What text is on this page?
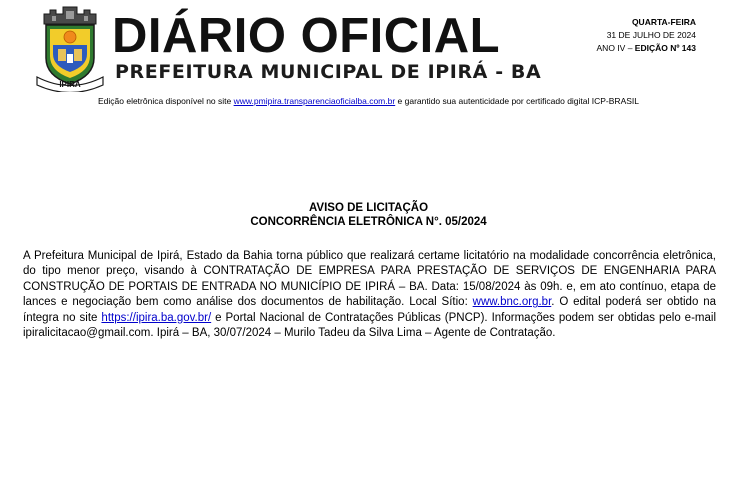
IPIRÁ
DIÁRIO OFICIAL
PREFEITURA MUNICIPAL DE IPIRÁ - BA
QUARTA-FEIRA
31 DE JULHO DE 2024
ANO IV – EDIÇÃO Nº 143
Edição eletrônica disponível no site www.pmipira.transparenciaoficialba.com.br e garantido sua autenticidade por certificado digital ICP-BRASIL
AVISO DE LICITAÇÃO
CONCORRÊNCIA ELETRÔNICA N°. 05/2024
A Prefeitura Municipal de Ipirá, Estado da Bahia torna público que realizará certame licitatório na modalidade concorrência eletrônica, do tipo menor preço, visando à CONTRATAÇÃO DE EMPRESA PARA PRESTAÇÃO DE SERVIÇOS DE ENGENHARIA PARA CONSTRUÇÃO DE PORTAIS DE ENTRADA NO MUNICÍPIO DE IPIRÁ – BA. Data: 15/08/2024 às 09h. e, em ato contínuo, etapa de lances e negociação bem como análise dos documentos de habilitação. Local Sítio: www.bnc.org.br. O edital poderá ser obtido na íntegra no site https://ipira.ba.gov.br/ e Portal Nacional de Contratações Públicas (PNCP). Informações podem ser obtidas pelo e-mail ipiralicitacao@gmail.com. Ipirá – BA, 30/07/2024 – Murilo Tadeu da Silva Lima – Agente de Contratação.
